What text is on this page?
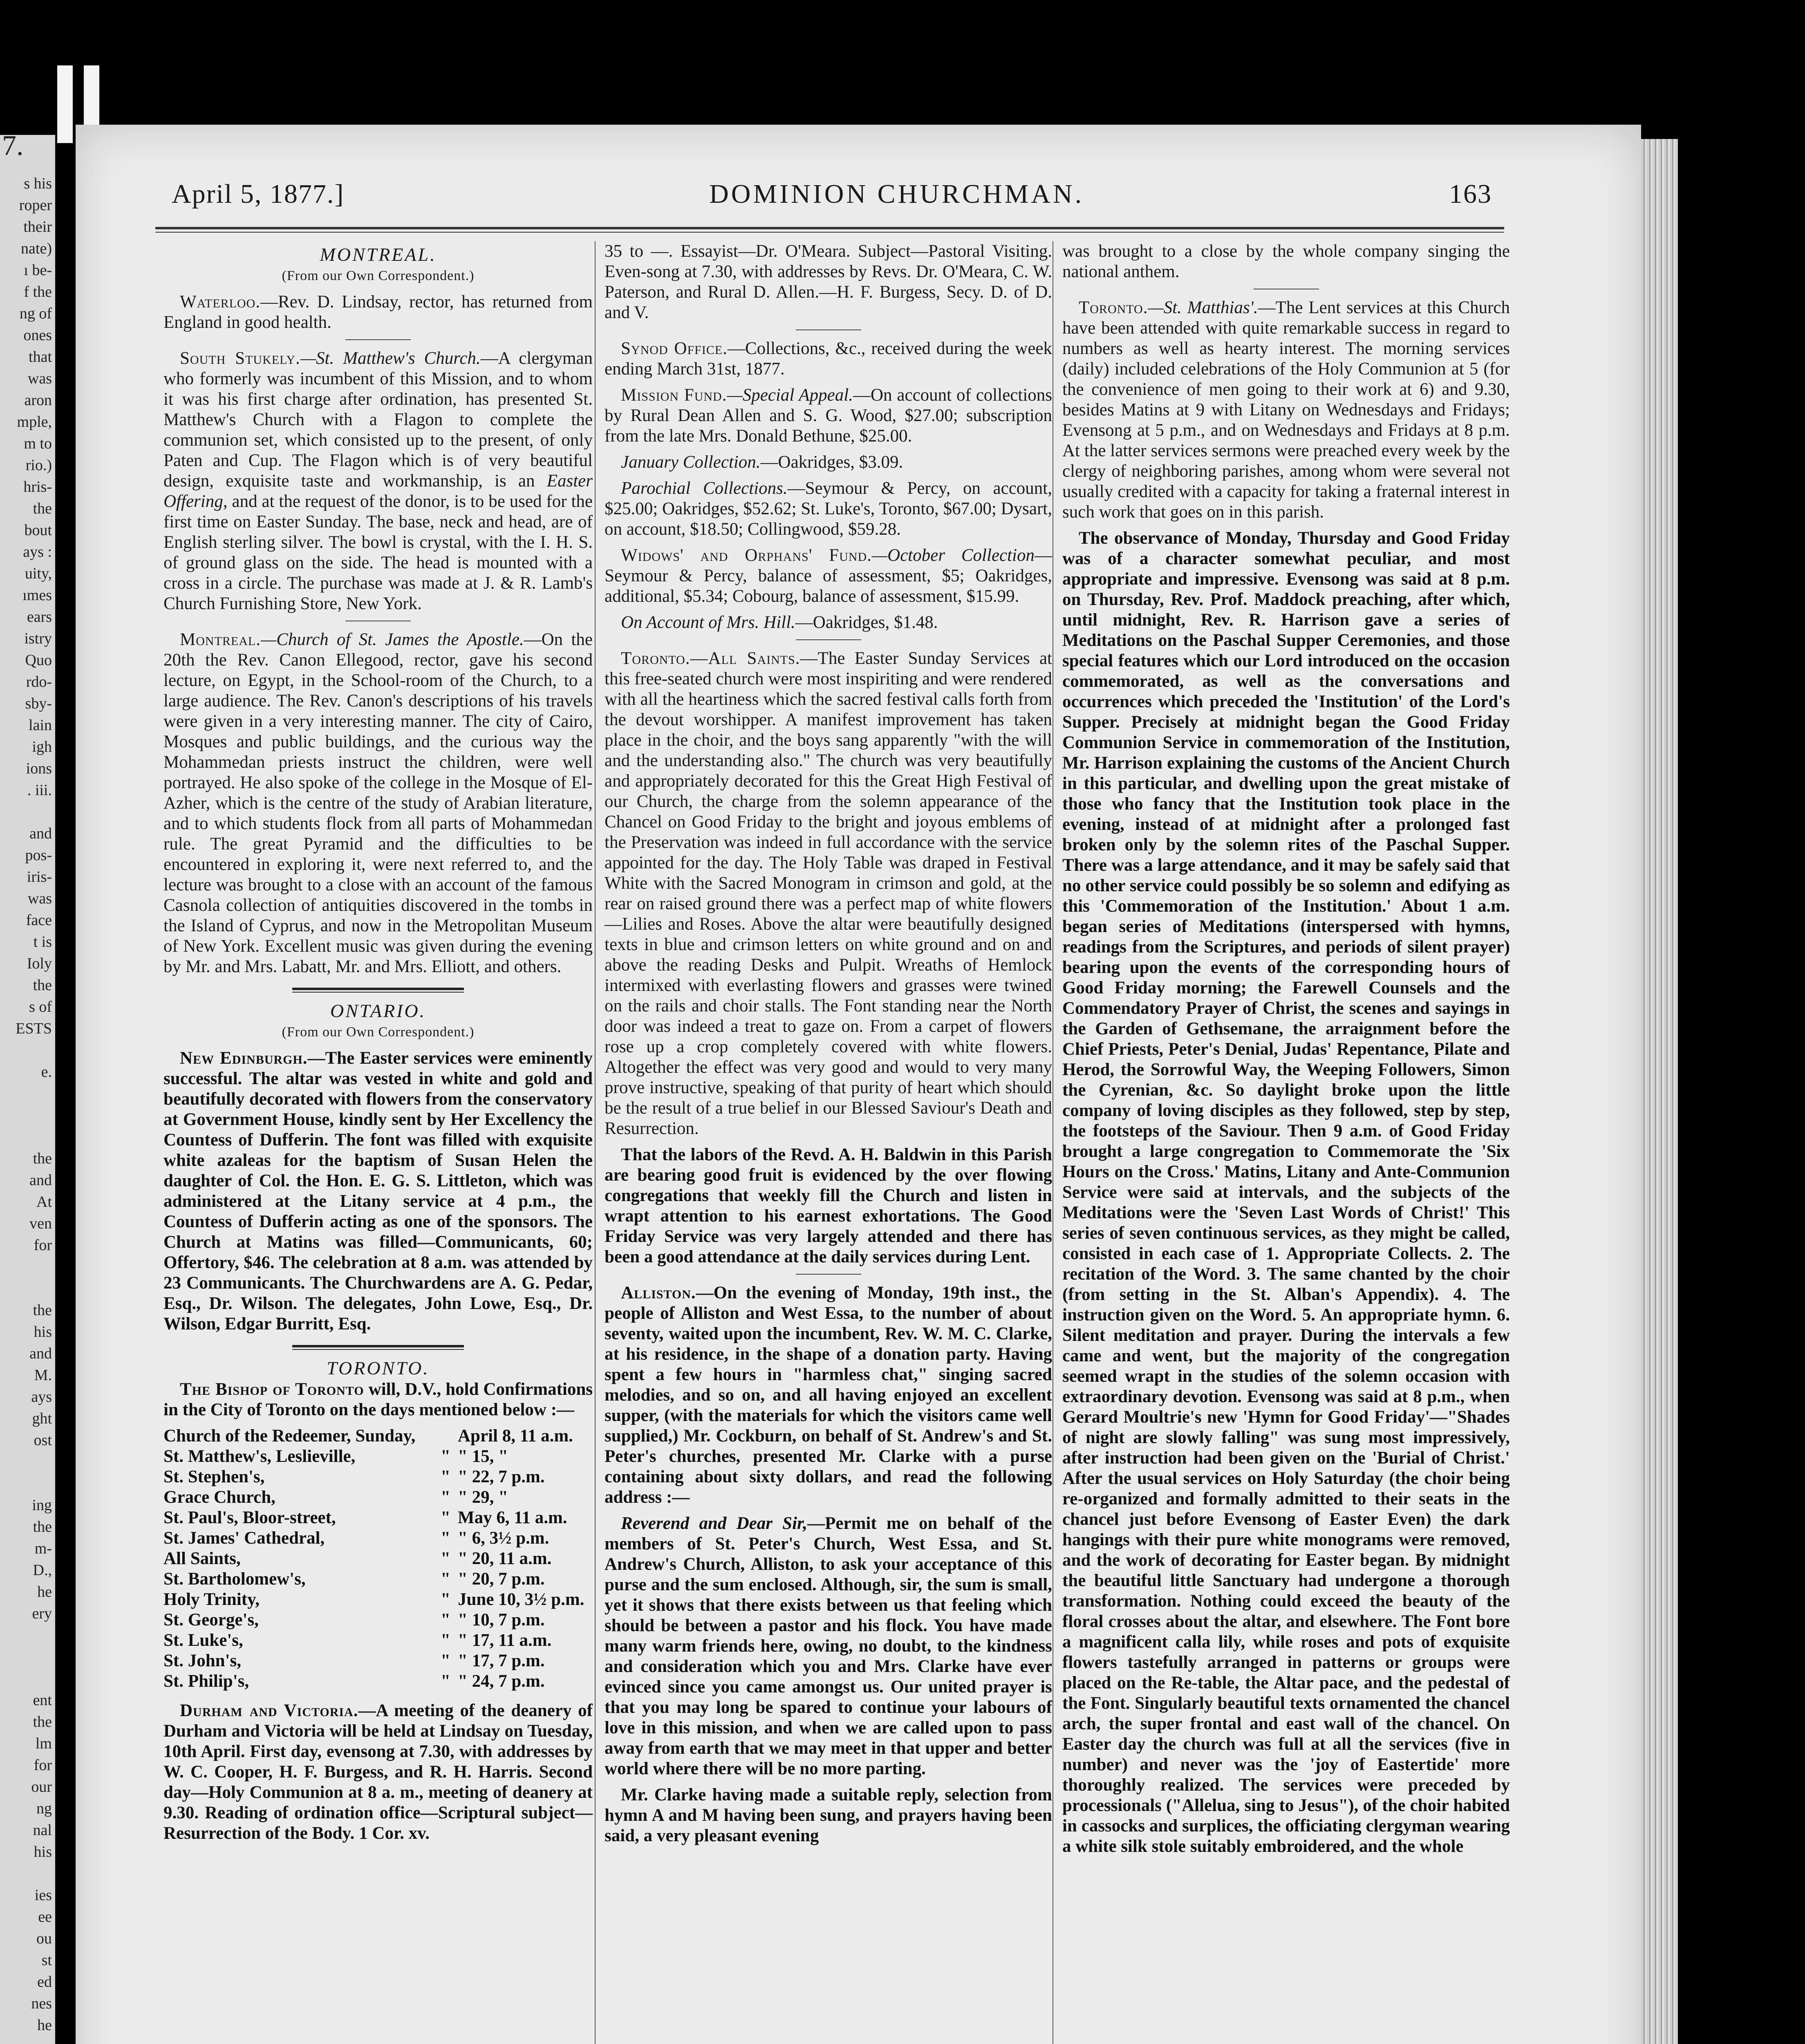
7.
s his
roper
their
nate)
ı be-
f the
ng of
ones
that
was
aron
mple,
m to
rio.)
hris-
the
bout
ays :
uity,
ımes
ears
istry
Quo
rdo-
sby-
lain
igh
ions
. iii.

and
pos-
iris-
was
face
t is
Ioly
the
s of
ESTS

e.

the
and
At
ven
for

the
his
and
M.
ays
ght
ost

ing
the
m-
D.,
he
ery

ent
the
lm
for
our
ng
nal
his

ies
ee
ou
st
ed
nes
he
April 5, 1877.]	DOMINION CHURCHMAN.	163
MONTREAL.
(From our Own Correspondent.)

Waterloo.—Rev. D. Lindsay, rector, has returned from England in good health.

South Stukely.—St. Matthew's Church.—A clergyman who formerly was incumbent of this Mission, and to whom it was his first charge after ordination, has presented St. Matthew's Church with a Flagon to complete the communion set, which consisted up to the present, of only Paten and Cup. The Flagon which is of very beautiful design, exquisite taste and workmanship, is an Easter Offering, and at the request of the donor, is to be used for the first time on Easter Sunday. The base, neck and head, are of English sterling silver. The bowl is crystal, with the I. H. S. of ground glass on the side. The head is mounted with a cross in a circle. The purchase was made at J. & R. Lamb's Church Furnishing Store, New York.

Montreal.—Church of St. James the Apostle.—On the 20th the Rev. Canon Ellegood, rector, gave his second lecture, on Egypt, in the School-room of the Church, to a large audience. The Rev. Canon's descriptions of his travels were given in a very interesting manner. The city of Cairo, Mosques and public buildings, and the curious way the Mohammedan priests instruct the children, were well portrayed. He also spoke of the college in the Mosque of El-Azher, which is the centre of the study of Arabian literature, and to which students flock from all parts of Mohammedan rule. The great Pyramid and the difficulties to be encountered in exploring it, were next referred to, and the lecture was brought to a close with an account of the famous Casnola collection of antiquities discovered in the tombs in the Island of Cyprus, and now in the Metropolitan Museum of New York. Excellent music was given during the evening by Mr. and Mrs. Labatt, Mr. and Mrs. Elliott, and others.

ONTARIO.
(From our Own Correspondent.)

New Edinburgh.—The Easter services were eminently successful. The altar was vested in white and gold and beautifully decorated with flowers from the conservatory at Government House, kindly sent by Her Excellency the Countess of Dufferin. The font was filled with exquisite white azaleas for the baptism of Susan Helen the daughter of Col. the Hon. E. G. S. Littleton, which was administered at the Litany service at 4 p.m., the Countess of Dufferin acting as one of the sponsors. The Church at Matins was filled—Communicants, 60; Offertory, $46. The celebration at 8 a.m. was attended by 23 Communicants. The Churchwardens are A. G. Pedar, Esq., Dr. Wilson. The delegates, John Lowe, Esq., Dr. Wilson, Edgar Burritt, Esq.

TORONTO.

The Bishop of Toronto will, D.V., hold Confirmations in the City of Toronto on the days mentioned below :—

Church of the Redeemer, Sunday,		April 8, 11 a.m.
St. Matthew's, Leslieville,	"	" 15, "
St. Stephen's,	"	" 22, 7 p.m.
Grace Church,	"	" 29, "
St. Paul's, Bloor-street,	"	May 6, 11 a.m.
St. James' Cathedral,	"	" 6, 3½ p.m.
All Saints,	"	" 20, 11 a.m.
St. Bartholomew's,	"	" 20, 7 p.m.
Holy Trinity,	"	June 10, 3½ p.m.
St. George's,	"	" 10, 7 p.m.
St. Luke's,	"	" 17, 11 a.m.
St. John's,	"	" 17, 7 p.m.
St. Philip's,	"	" 24, 7 p.m.

Durham and Victoria.—A meeting of the deanery of Durham and Victoria will be held at Lindsay on Tuesday, 10th April. First day, evensong at 7.30, with addresses by W. C. Cooper, H. F. Burgess, and R. H. Harris. Second day—Holy Communion at 8 a. m., meeting of deanery at 9.30. Reading of ordination office—Scriptural subject—Resurrection of the Body. 1 Cor. xv.

35 to —. Essayist—Dr. O'Meara. Subject—Pastoral Visiting. Even-song at 7.30, with addresses by Revs. Dr. O'Meara, C. W. Paterson, and Rural D. Allen.—H. F. Burgess, Secy. D. of D. and V.

Synod Office.—Collections, &c., received during the week ending March 31st, 1877.

Mission Fund.—Special Appeal.—On account of collections by Rural Dean Allen and S. G. Wood, $27.00; subscription from the late Mrs. Donald Bethune, $25.00.

January Collection.—Oakridges, $3.09.

Parochial Collections.—Seymour & Percy, on account, $25.00; Oakridges, $52.62; St. Luke's, Toronto, $67.00; Dysart, on account, $18.50; Collingwood, $59.28.

Widows' and Orphans' Fund.—October Collection—Seymour & Percy, balance of assessment, $5; Oakridges, additional, $5.34; Cobourg, balance of assessment, $15.99.

On Account of Mrs. Hill.—Oakridges, $1.48.

Toronto.—All Saints.—The Easter Sunday Services at this free-seated church were most inspiriting and were rendered with all the heartiness which the sacred festival calls forth from the devout worshipper. A manifest improvement has taken place in the choir, and the boys sang apparently "with the will and the understanding also." The church was very beautifully and appropriately decorated for this the Great High Festival of our Church, the charge from the solemn appearance of the Chancel on Good Friday to the bright and joyous emblems of the Preservation was indeed in full accordance with the service appointed for the day. The Holy Table was draped in Festival White with the Sacred Monogram in crimson and gold, at the rear on raised ground there was a perfect map of white flowers—Lilies and Roses. Above the altar were beautifully designed texts in blue and crimson letters on white ground and on and above the reading Desks and Pulpit. Wreaths of Hemlock intermixed with everlasting flowers and grasses were twined on the rails and choir stalls. The Font standing near the North door was indeed a treat to gaze on. From a carpet of flowers rose up a crop completely covered with white flowers. Altogether the effect was very good and would to very many prove instructive, speaking of that purity of heart which should be the result of a true belief in our Blessed Saviour's Death and Resurrection.

That the labors of the Revd. A. H. Baldwin in this Parish are bearing good fruit is evidenced by the over flowing congregations that weekly fill the Church and listen in wrapt attention to his earnest exhortations. The Good Friday Service was very largely attended and there has been a good attendance at the daily services during Lent.

Alliston.—On the evening of Monday, 19th inst., the people of Alliston and West Essa, to the number of about seventy, waited upon the incumbent, Rev. W. M. C. Clarke, at his residence, in the shape of a donation party. Having spent a few hours in "harmless chat," singing sacred melodies, and so on, and all having enjoyed an excellent supper, (with the materials for which the visitors came well supplied,) Mr. Cockburn, on behalf of St. Andrew's and St. Peter's churches, presented Mr. Clarke with a purse containing about sixty dollars, and read the following address :—

Reverend and Dear Sir,—Permit me on behalf of the members of St. Peter's Church, West Essa, and St. Andrew's Church, Alliston, to ask your acceptance of this purse and the sum enclosed. Although, sir, the sum is small, yet it shows that there exists between us that feeling which should be between a pastor and his flock. You have made many warm friends here, owing, no doubt, to the kindness and consideration which you and Mrs. Clarke have ever evinced since you came amongst us. Our united prayer is that you may long be spared to continue your labours of love in this mission, and when we are called upon to pass away from earth that we may meet in that upper and better world where there will be no more parting.

Mr. Clarke having made a suitable reply, selection from hymn A and M having been sung, and prayers having been said, a very pleasant evening

was brought to a close by the whole company singing the national anthem.

Toronto.—St. Matthias'.—The Lent services at this Church have been attended with quite remarkable success in regard to numbers as well as hearty interest. The morning services (daily) included celebrations of the Holy Communion at 5 (for the convenience of men going to their work at 6) and 9.30, besides Matins at 9 with Litany on Wednesdays and Fridays; Evensong at 5 p.m., and on Wednesdays and Fridays at 8 p.m. At the latter services sermons were preached every week by the clergy of neighboring parishes, among whom were several not usually credited with a capacity for taking a fraternal interest in such work that goes on in this parish.

The observance of Monday, Thursday and Good Friday was of a character somewhat peculiar, and most appropriate and impressive. Evensong was said at 8 p.m. on Thursday, Rev. Prof. Maddock preaching, after which, until midnight, Rev. R. Harrison gave a series of Meditations on the Paschal Supper Ceremonies, and those special features which our Lord introduced on the occasion commemorated, as well as the conversations and occurrences which preceded the 'Institution' of the Lord's Supper. Precisely at midnight began the Good Friday Communion Service in commemoration of the Institution, Mr. Harrison explaining the customs of the Ancient Church in this particular, and dwelling upon the great mistake of those who fancy that the Institution took place in the evening, instead of at midnight after a prolonged fast broken only by the solemn rites of the Paschal Supper. There was a large attendance, and it may be safely said that no other service could possibly be so solemn and edifying as this 'Commemoration of the Institution.' About 1 a.m. began series of Meditations (interspersed with hymns, readings from the Scriptures, and periods of silent prayer) bearing upon the events of the corresponding hours of Good Friday morning; the Farewell Counsels and the Commendatory Prayer of Christ, the scenes and sayings in the Garden of Gethsemane, the arraignment before the Chief Priests, Peter's Denial, Judas' Repentance, Pilate and Herod, the Sorrowful Way, the Weeping Followers, Simon the Cyrenian, &c. So daylight broke upon the little company of loving disciples as they followed, step by step, the footsteps of the Saviour. Then 9 a.m. of Good Friday brought a large congregation to Commemorate the 'Six Hours on the Cross.' Matins, Litany and Ante-Communion Service were said at intervals, and the subjects of the Meditations were the 'Seven Last Words of Christ!' This series of seven continuous services, as they might be called, consisted in each case of 1. Appropriate Collects. 2. The recitation of the Word. 3. The same chanted by the choir (from setting in the St. Alban's Appendix). 4. The instruction given on the Word. 5. An appropriate hymn. 6. Silent meditation and prayer. During the intervals a few came and went, but the majority of the congregation seemed wrapt in the studies of the solemn occasion with extraordinary devotion. Evensong was said at 8 p.m., when Gerard Moultrie's new 'Hymn for Good Friday'—"Shades of night are slowly falling" was sung most impressively, after instruction had been given on the 'Burial of Christ.' After the usual services on Holy Saturday (the choir being re-organized and formally admitted to their seats in the chancel just before Evensong of Easter Even) the dark hangings with their pure white monograms were removed, and the work of decorating for Easter began. By midnight the beautiful little Sanctuary had undergone a thorough transformation. Nothing could exceed the beauty of the floral crosses about the altar, and elsewhere. The Font bore a magnificent calla lily, while roses and pots of exquisite flowers tastefully arranged in patterns or groups were placed on the Re-table, the Altar pace, and the pedestal of the Font. Singularly beautiful texts ornamented the chancel arch, the super frontal and east wall of the chancel. On Easter day the church was full at all the services (five in number) and never was the 'joy of Eastertide' more thoroughly realized. The services were preceded by processionals ("Allelua, sing to Jesus"), of the choir habited in cassocks and surplices, the officiating clergyman wearing a white silk stole suitably embroidered, and the whole
